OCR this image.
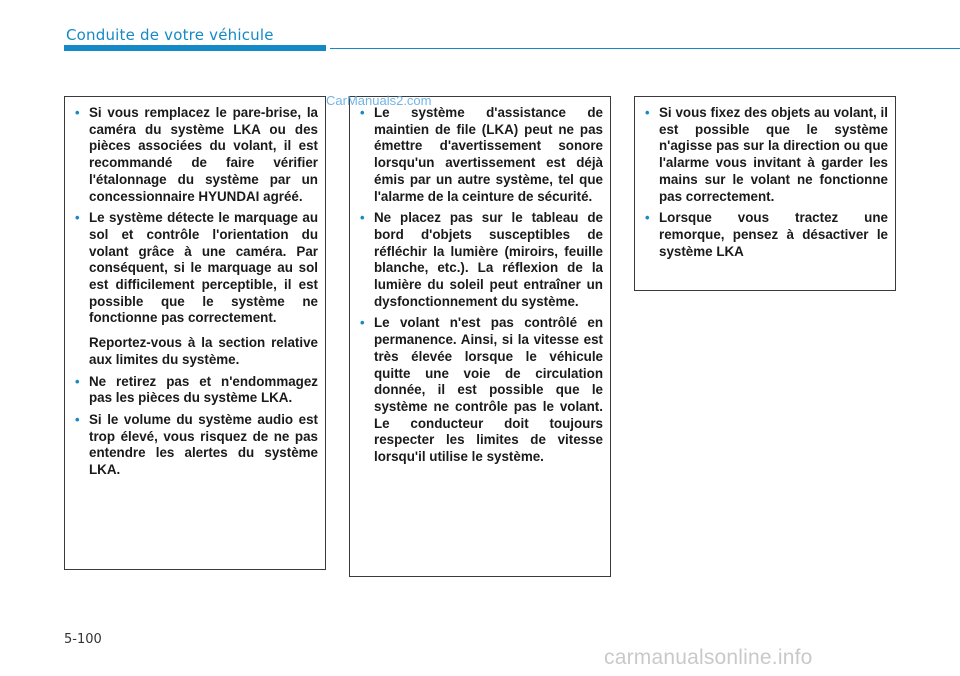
Conduite de votre véhicule
CarManuals2.com
• Si vous remplacez le pare-brise, la caméra du système LKA ou des pièces associées du volant, il est recommandé de faire vérifier l'étalonnage du système par un concessionnaire HYUNDAI agréé.

• Le système détecte le marquage au sol et contrôle l'orientation du volant grâce à une caméra. Par conséquent, si le marquage au sol est difficilement perceptible, il est possible que le système ne fonctionne pas correctement.

Reportez-vous à la section relative aux limites du système.

• Ne retirez pas et n'endommagez pas les pièces du système LKA.

• Si le volume du système audio est trop élevé, vous risquez de ne pas entendre les alertes du système LKA.

• Le système d'assistance de maintien de file (LKA) peut ne pas émettre d'avertissement sonore lorsqu'un avertissement est déjà émis par un autre système, tel que l'alarme de la ceinture de sécurité.

• Ne placez pas sur le tableau de bord d'objets susceptibles de réfléchir la lumière (miroirs, feuille blanche, etc.). La réflexion de la lumière du soleil peut entraîner un dysfonctionnement du système.

• Le volant n'est pas contrôlé en permanence. Ainsi, si la vitesse est très élevée lorsque le véhicule quitte une voie de circulation donnée, il est possible que le système ne contrôle pas le volant. Le conducteur doit toujours respecter les limites de vitesse lorsqu'il utilise le système.

• Si vous fixez des objets au volant, il est possible que le système n'agisse pas sur la direction ou que l'alarme vous invitant à garder les mains sur le volant ne fonctionne pas correctement.

• Lorsque vous tractez une remorque, pensez à désactiver le système LKA

5-100
carmanualsonline.info
